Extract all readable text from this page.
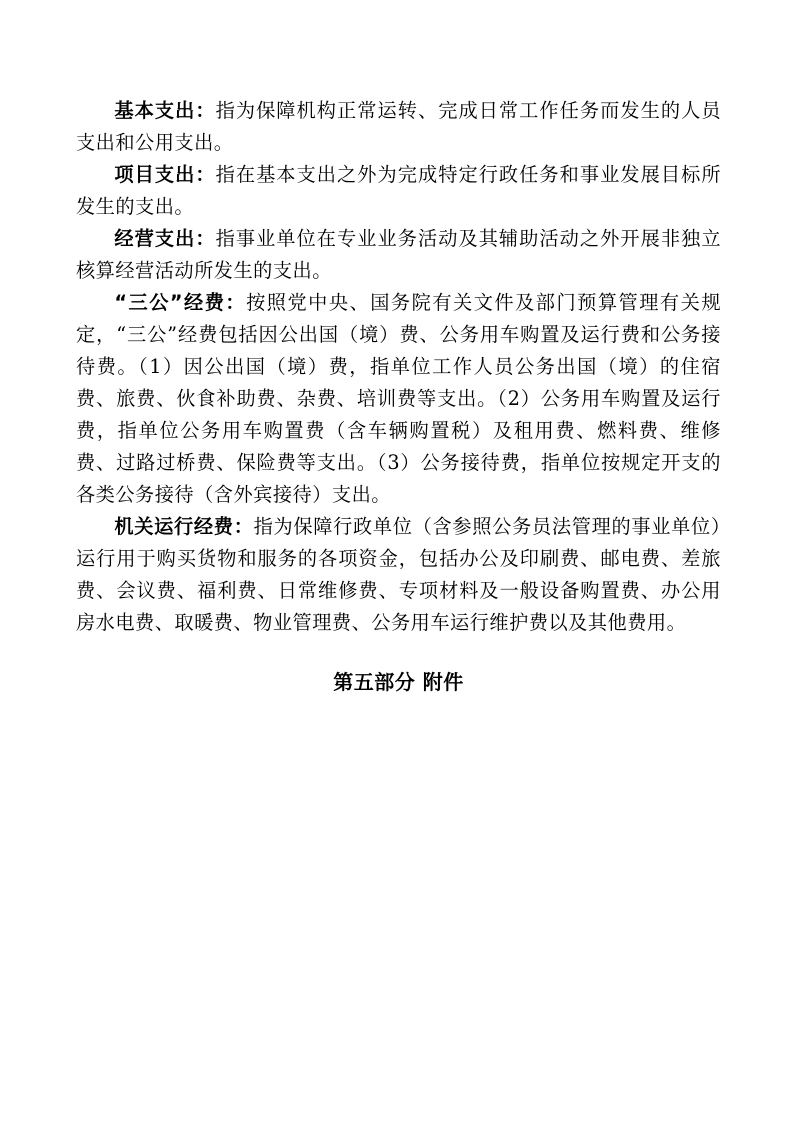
基本支出：指为保障机构正常运转、完成日常工作任务而发生的人员支出和公用支出。

项目支出：指在基本支出之外为完成特定行政任务和事业发展目标所发生的支出。

经营支出：指事业单位在专业业务活动及其辅助活动之外开展非独立核算经营活动所发生的支出。

“三公”经费：按照党中央、国务院有关文件及部门预算管理有关规定，“三公”经费包括因公出国（境）费、公务用车购置及运行费和公务接待费。（1）因公出国（境）费，指单位工作人员公务出国（境）的住宿费、旅费、伙食补助费、杂费、培训费等支出。（2）公务用车购置及运行费，指单位公务用车购置费（含车辆购置税）及租用费、燃料费、维修费、过路过桥费、保险费等支出。（3）公务接待费，指单位按规定开支的各类公务接待（含外宾接待）支出。

机关运行经费：指为保障行政单位（含参照公务员法管理的事业单位）运行用于购买货物和服务的各项资金，包括办公及印刷费、邮电费、差旅费、会议费、福利费、日常维修费、专项材料及一般设备购置费、办公用房水电费、取暖费、物业管理费、公务用车运行维护费以及其他费用。

第五部分 附件
